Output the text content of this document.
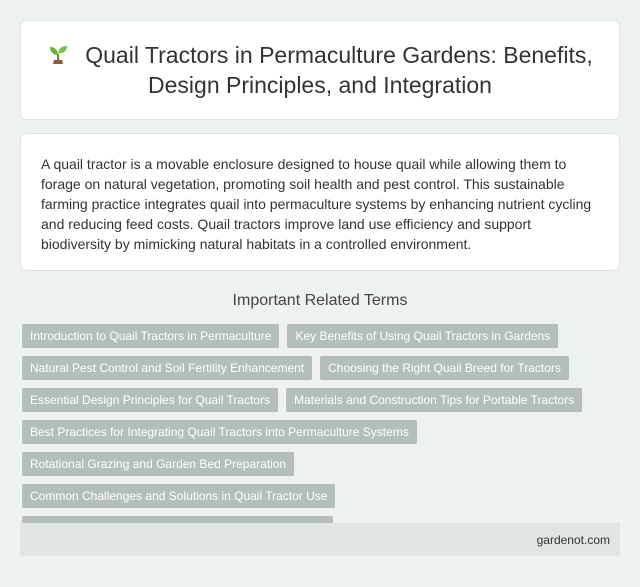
Quail Tractors in Permaculture Gardens: Benefits, Design Principles, and Integration

A quail tractor is a movable enclosure designed to house quail while allowing them to forage on natural vegetation, promoting soil health and pest control. This sustainable farming practice integrates quail into permaculture systems by enhancing nutrient cycling and reducing feed costs. Quail tractors improve land use efficiency and support biodiversity by mimicking natural habitats in a controlled environment.

Important Related Terms
Introduction to Quail Tractors in Permaculture	Key Benefits of Using Quail Tractors in Gardens
Natural Pest Control and Soil Fertility Enhancement	Choosing the Right Quail Breed for Tractors
Essential Design Principles for Quail Tractors	Materials and Construction Tips for Portable Tractors
Best Practices for Integrating Quail Tractors into Permaculture Systems
Rotational Grazing and Garden Bed Preparation
Common Challenges and Solutions in Quail Tractor Use
gardenot.com
